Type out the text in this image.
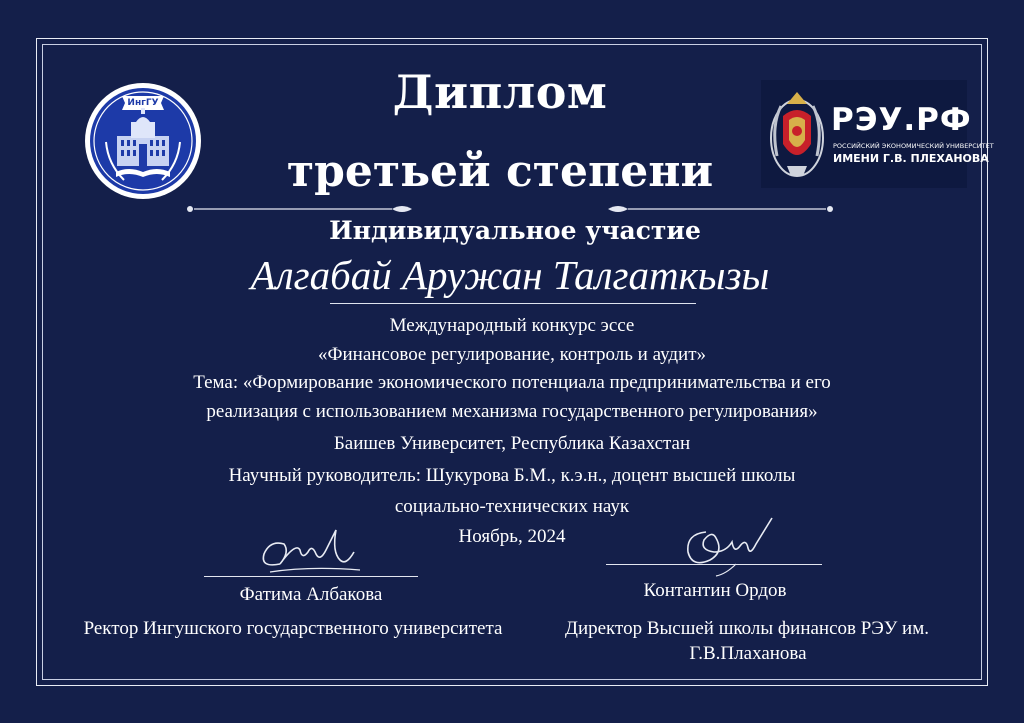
ИнгГУ	РЭУ.РФ
РОССИЙСКИЙ ЭКОНОМИЧЕСКИЙ УНИВЕРСИТЕТ
ИМЕНИ Г.В. ПЛЕХАНОВА
Диплом
третьей степени
Индивидуальное участие
Алгабай Аружан Талгаткызы
Международный конкурс эссе
«Финансовое регулирование, контроль и аудит»
Тема: «Формирование экономического потенциала предпринимательства и его
реализация с использованием механизма государственного регулирования»
Баишев Университет, Республика Казахстан
Научный руководитель: Шукурова Б.М., к.э.н., доцент высшей школы
социально-технических наук
Ноябрь, 2024
Фатима Албакова
Ректор Ингушского государственного университета
Контантин Ордов
Директор Высшей школы финансов РЭУ им.
Г.В.Плаханова
